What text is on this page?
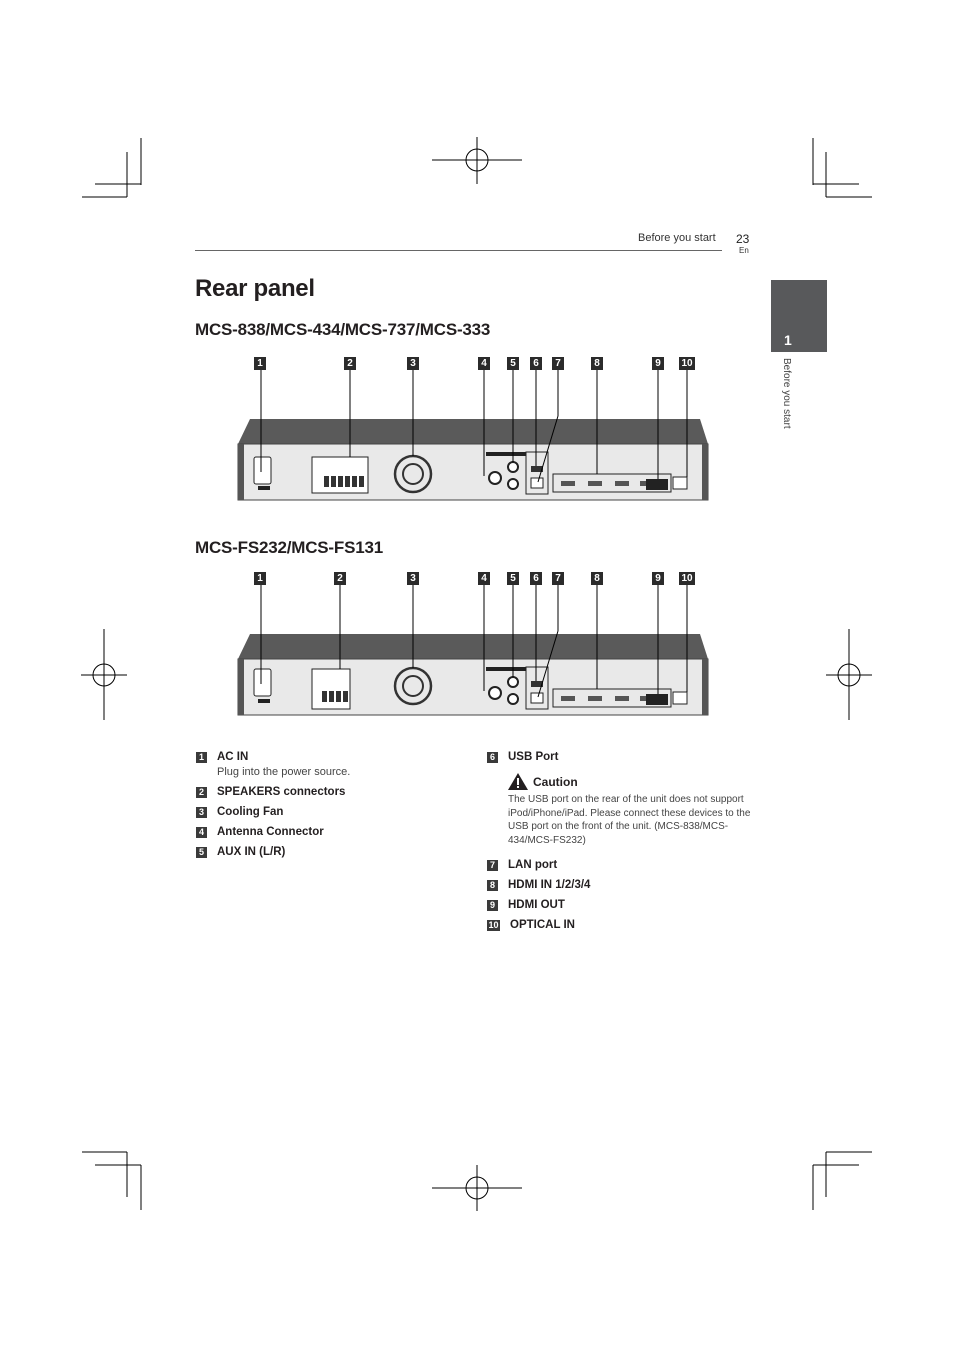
Before you start 23
En
1
Before you start
Rear panel
MCS-838/MCS-434/MCS-737/MCS-333
MCS-FS232/MCS-FS131
1	2	3	4	5	6	7	8	9	10
1	2	3	4	5	6	7	8	9	10
1 AC IN
Plug into the power source.
2 SPEAKERS connectors
3 Cooling Fan
4 Antenna Connector
5 AUX IN (L/R)
6 USB Port
Caution
The USB port on the rear of the unit does not support iPod/iPhone/iPad. Please connect these devices to the USB port on the front of the unit. (MCS-838/MCS-434/MCS-FS232)
7 LAN port
8 HDMI IN 1/2/3/4
9 HDMI OUT
10 OPTICAL IN
